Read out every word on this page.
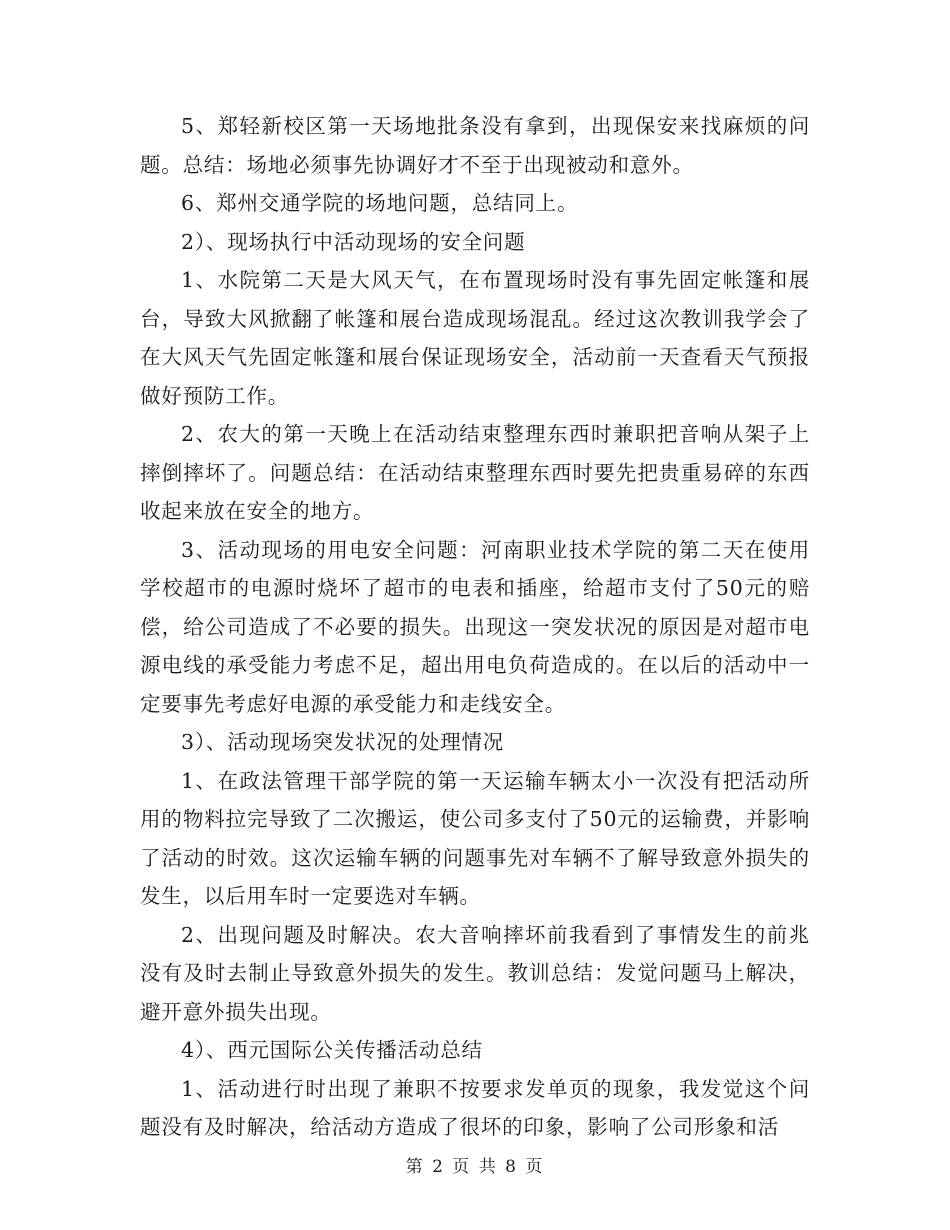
5、郑轻新校区第一天场地批条没有拿到，出现保安来找麻烦的问题。总结：场地必须事先协调好才不至于出现被动和意外。

6、郑州交通学院的场地问题，总结同上。

2）、现场执行中活动现场的安全问题

1、水院第二天是大风天气，在布置现场时没有事先固定帐篷和展台，导致大风掀翻了帐篷和展台造成现场混乱。经过这次教训我学会了在大风天气先固定帐篷和展台保证现场安全，活动前一天查看天气预报做好预防工作。

2、农大的第一天晚上在活动结束整理东西时兼职把音响从架子上摔倒摔坏了。问题总结：在活动结束整理东西时要先把贵重易碎的东西收起来放在安全的地方。

3、活动现场的用电安全问题：河南职业技术学院的第二天在使用学校超市的电源时烧坏了超市的电表和插座，给超市支付了50元的赔偿，给公司造成了不必要的损失。出现这一突发状况的原因是对超市电源电线的承受能力考虑不足，超出用电负荷造成的。在以后的活动中一定要事先考虑好电源的承受能力和走线安全。

3）、活动现场突发状况的处理情况

1、在政法管理干部学院的第一天运输车辆太小一次没有把活动所用的物料拉完导致了二次搬运，使公司多支付了50元的运输费，并影响了活动的时效。这次运输车辆的问题事先对车辆不了解导致意外损失的发生，以后用车时一定要选对车辆。

2、出现问题及时解决。农大音响摔坏前我看到了事情发生的前兆没有及时去制止导致意外损失的发生。教训总结：发觉问题马上解决，避开意外损失出现。

4）、西元国际公关传播活动总结

1、活动进行时出现了兼职不按要求发单页的现象，我发觉这个问题没有及时解决，给活动方造成了很坏的印象，影响了公司形象和活

第 2 页 共 8 页
